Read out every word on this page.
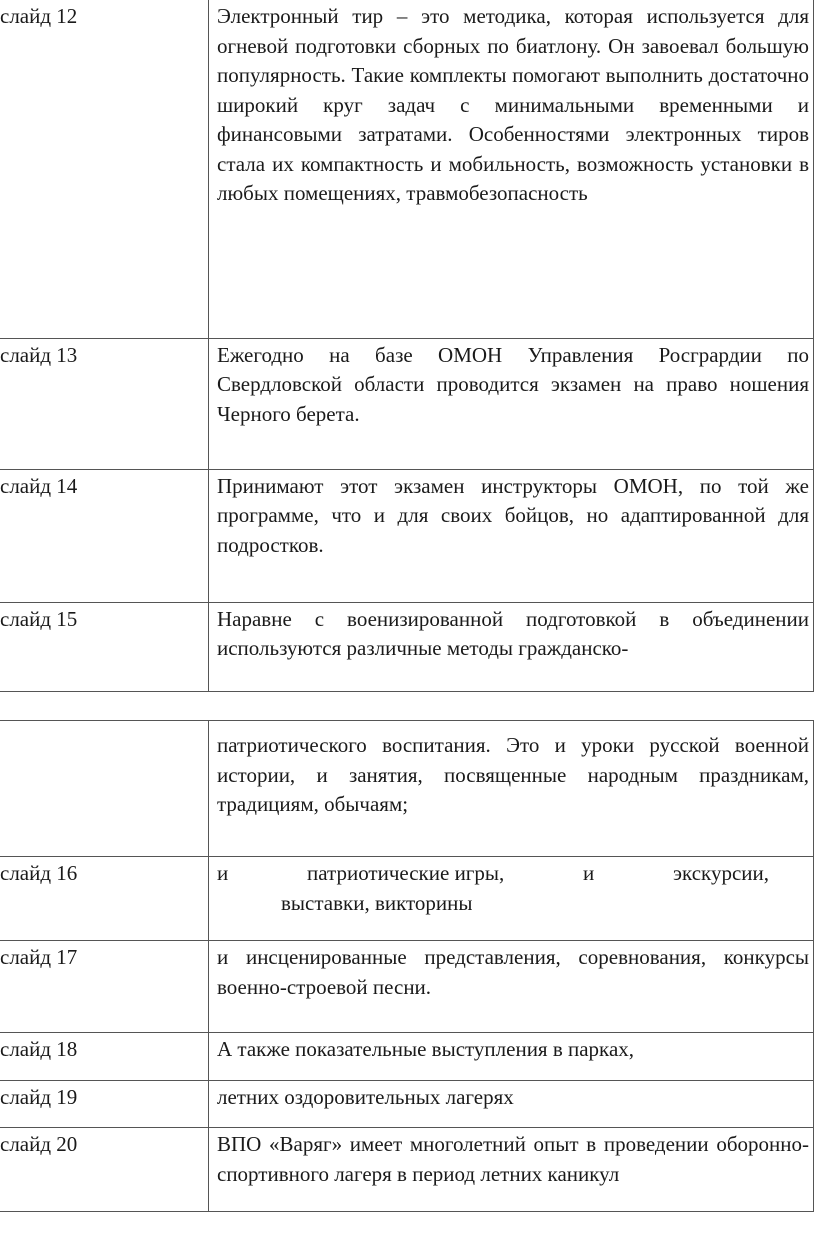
слайд 12	Электронный тир – это методика, которая используется для огневой подготовки сборных по биатлону. Он завоевал большую популярность. Такие комплекты помогают выполнить достаточно широкий круг задач с минимальными временными и финансовыми затратами. Особенностями электронных тиров стала их компактность и мобильность, возможность установки в любых помещениях, травмобезопасность
слайд 13	Ежегодно на базе ОМОН Управления Росгрардии по Свердловской области проводится экзамен на право ношения Черного берета.
слайд 14	Принимают этот экзамен инструкторы ОМОН, по той же программе, что и для своих бойцов, но адаптированной для подростков.
слайд 15	Наравне с военизированной подготовкой в объединении используются различные методы гражданско-
	патриотического воспитания. Это и уроки русской военной истории, и занятия, посвященные народным праздникам, традициям, обычаям;
слайд 16	и патриотические игры, и экскурсии,
выставки, викторины

слайд 17	и инсценированные представления, соревнования, конкурсы военно-строевой песни.
слайд 18	А также показательные выступления в парках,
слайд 19	летних оздоровительных лагерях
слайд 20	ВПО «Варяг» имеет многолетний опыт в проведении оборонно-спортивного лагеря в период летних каникул
